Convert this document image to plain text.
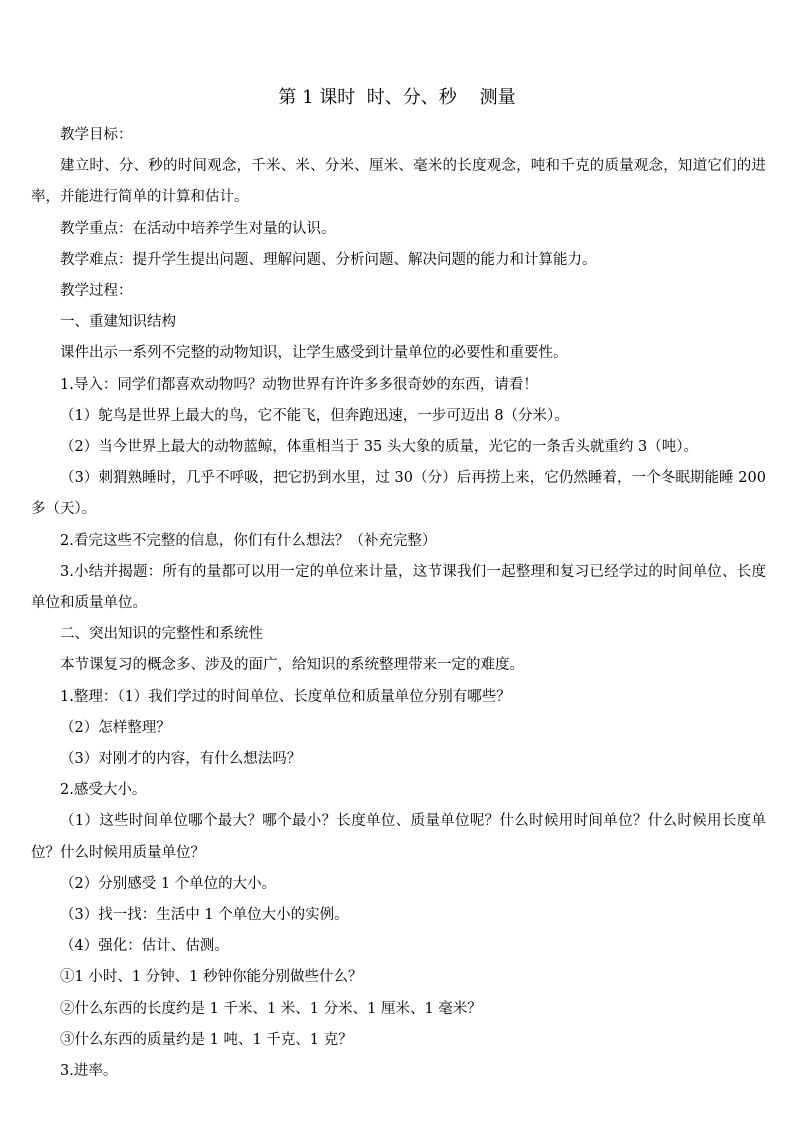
第 1 课时  时、分、秒    测量

教学目标：

建立时、分、秒的时间观念，千米、米、分米、厘米、毫米的长度观念，吨和千克的质量观念，知道它们的进率，并能进行简单的计算和估计。

教学重点：在活动中培养学生对量的认识。

教学难点：提升学生提出问题、理解问题、分析问题、解决问题的能力和计算能力。

教学过程：

一、重建知识结构

课件出示一系列不完整的动物知识，让学生感受到计量单位的必要性和重要性。

1.导入：同学们都喜欢动物吗？动物世界有许许多多很奇妙的东西，请看！

（1）鸵鸟是世界上最大的鸟，它不能飞，但奔跑迅速，一步可迈出 8（分米）。

（2）当今世界上最大的动物蓝鲸，体重相当于 35 头大象的质量，光它的一条舌头就重约 3（吨）。

（3）刺猬熟睡时，几乎不呼吸，把它扔到水里，过 30（分）后再捞上来，它仍然睡着，一个冬眠期能睡 200 多（天）。

2.看完这些不完整的信息，你们有什么想法？（补充完整）

3.小结并揭题：所有的量都可以用一定的单位来计量，这节课我们一起整理和复习已经学过的时间单位、长度单位和质量单位。

二、突出知识的完整性和系统性

本节课复习的概念多、涉及的面广，给知识的系统整理带来一定的难度。

1.整理：（1）我们学过的时间单位、长度单位和质量单位分别有哪些？

（2）怎样整理？

（3）对刚才的内容，有什么想法吗？

2.感受大小。

（1）这些时间单位哪个最大？哪个最小？长度单位、质量单位呢？什么时候用时间单位？什么时候用长度单位？什么时候用质量单位？

（2）分别感受 1 个单位的大小。

（3）找一找：生活中 1 个单位大小的实例。

（4）强化：估计、估测。

①1 小时、1 分钟、1 秒钟你能分别做些什么？

②什么东西的长度约是 1 千米、1 米、1 分米、1 厘米、1 毫米？

③什么东西的质量约是 1 吨、1 千克、1 克？

3.进率。
